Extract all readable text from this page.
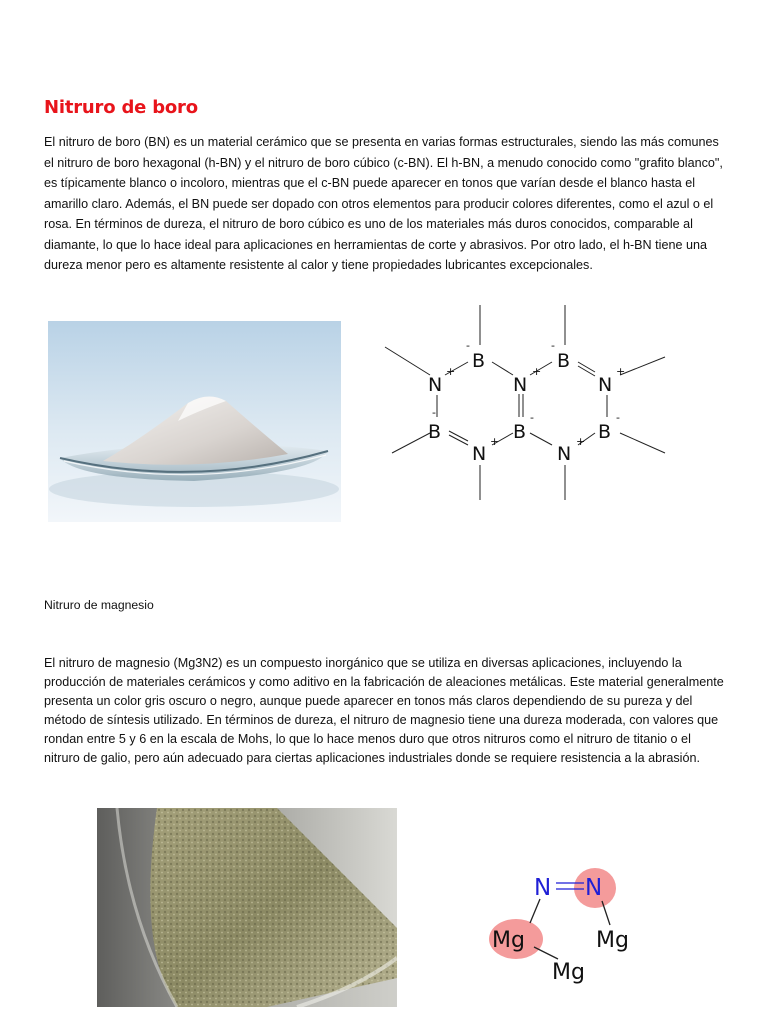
Nitruro de boro

El nitruro de boro (BN) es un material cerámico que se presenta en varias formas estructurales, siendo las más comunes el nitruro de boro hexagonal (h-BN) y el nitruro de boro cúbico (c-BN). El h-BN, a menudo conocido como "grafito blanco", es típicamente blanco o incoloro, mientras que el c-BN puede aparecer en tonos que varían desde el blanco hasta el amarillo claro. Además, el BN puede ser dopado con otros elementos para producir colores diferentes, como el azul o el rosa. En términos de dureza, el nitruro de boro cúbico es uno de los materiales más duros conocidos, comparable al diamante, lo que lo hace ideal para aplicaciones en herramientas de corte y abrasivos. Por otro lado, el h-BN tiene una dureza menor pero es altamente resistente al calor y tiene propiedades lubricantes excepcionales.

B	B
N	N	N
B	B	B
N	N
-	-
+	+	+
-	-	-
+	+

Nitruro de magnesio

El nitruro de magnesio (Mg3N2) es un compuesto inorgánico que se utiliza en diversas aplicaciones, incluyendo la producción de materiales cerámicos y como aditivo en la fabricación de aleaciones metálicas. Este material generalmente presenta un color gris oscuro o negro, aunque puede aparecer en tonos más claros dependiendo de su pureza y del método de síntesis utilizado. En términos de dureza, el nitruro de magnesio tiene una dureza moderada, con valores que rondan entre 5 y 6 en la escala de Mohs, lo que lo hace menos duro que otros nitruros como el nitruro de titanio o el nitruro de galio, pero aún adecuado para ciertas aplicaciones industriales donde se requiere resistencia a la abrasión.

N N
Mg	Mg
Mg
